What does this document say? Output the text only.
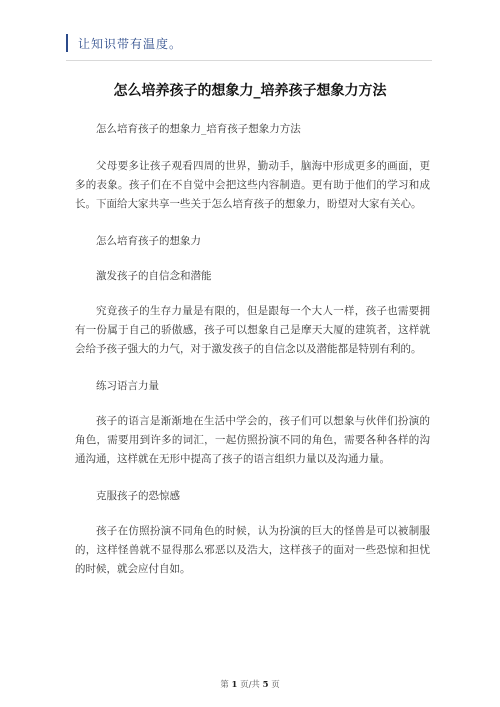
让知识带有温度。
怎么培养孩子的想象力_培养孩子想象力方法

怎么培育孩子的想象力_培育孩子想象力方法

父母要多让孩子观看四周的世界，勤动手，脑海中形成更多的画面，更多的表象。孩子们在不自觉中会把这些内容制造。更有助于他们的学习和成长。下面给大家共享一些关于怎么培育孩子的想象力，盼望对大家有关心。

怎么培育孩子的想象力

激发孩子的自信念和潜能

究竟孩子的生存力量是有限的，但是跟每一个大人一样，孩子也需要拥有一份属于自己的骄傲感，孩子可以想象自己是摩天大厦的建筑者，这样就会给予孩子强大的力气，对于激发孩子的自信念以及潜能都是特别有利的。

练习语言力量

孩子的语言是渐渐地在生活中学会的，孩子们可以想象与伙伴们扮演的角色，需要用到许多的词汇，一起仿照扮演不同的角色，需要各种各样的沟通沟通，这样就在无形中提高了孩子的语言组织力量以及沟通力量。

克服孩子的恐惊感

孩子在仿照扮演不同角色的时候，认为扮演的巨大的怪兽是可以被制服的，这样怪兽就不显得那么邪恶以及浩大，这样孩子的面对一些恐惊和担忧的时候，就会应付自如。

第 1 页/共 5 页
